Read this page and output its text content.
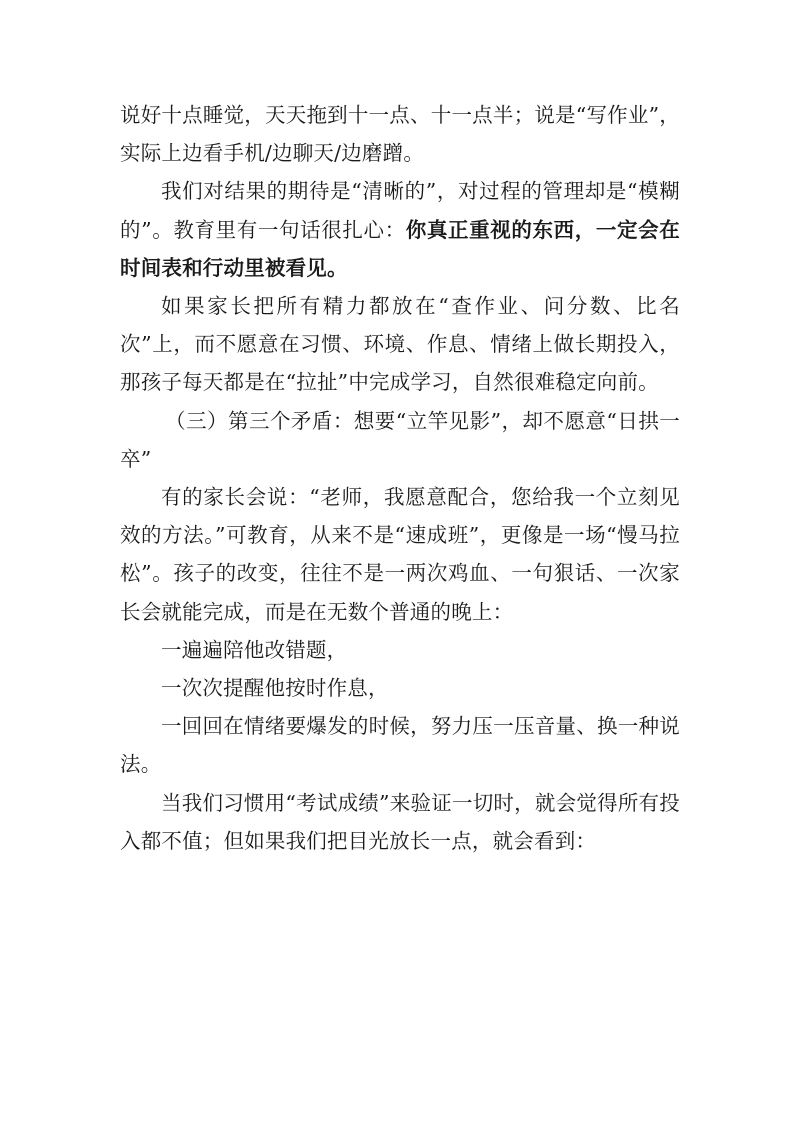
说好十点睡觉，天天拖到十一点、十一点半；说是“写作业”，实际上边看手机/边聊天/边磨蹭。

我们对结果的期待是“清晰的”，对过程的管理却是“模糊的”。教育里有一句话很扎心：你真正重视的东西，一定会在时间表和行动里被看见。

如果家长把所有精力都放在“查作业、问分数、比名次”上，而不愿意在习惯、环境、作息、情绪上做长期投入，那孩子每天都是在“拉扯”中完成学习，自然很难稳定向前。

（三）第三个矛盾：想要“立竿见影”，却不愿意“日拱一卒”

有的家长会说：“老师，我愿意配合，您给我一个立刻见效的方法。”可教育，从来不是“速成班”，更像是一场“慢马拉松”。孩子的改变，往往不是一两次鸡血、一句狠话、一次家长会就能完成，而是在无数个普通的晚上：

一遍遍陪他改错题，

一次次提醒他按时作息，

一回回在情绪要爆发的时候，努力压一压音量、换一种说法。

当我们习惯用“考试成绩”来验证一切时，就会觉得所有投入都不值；但如果我们把目光放长一点，就会看到：
